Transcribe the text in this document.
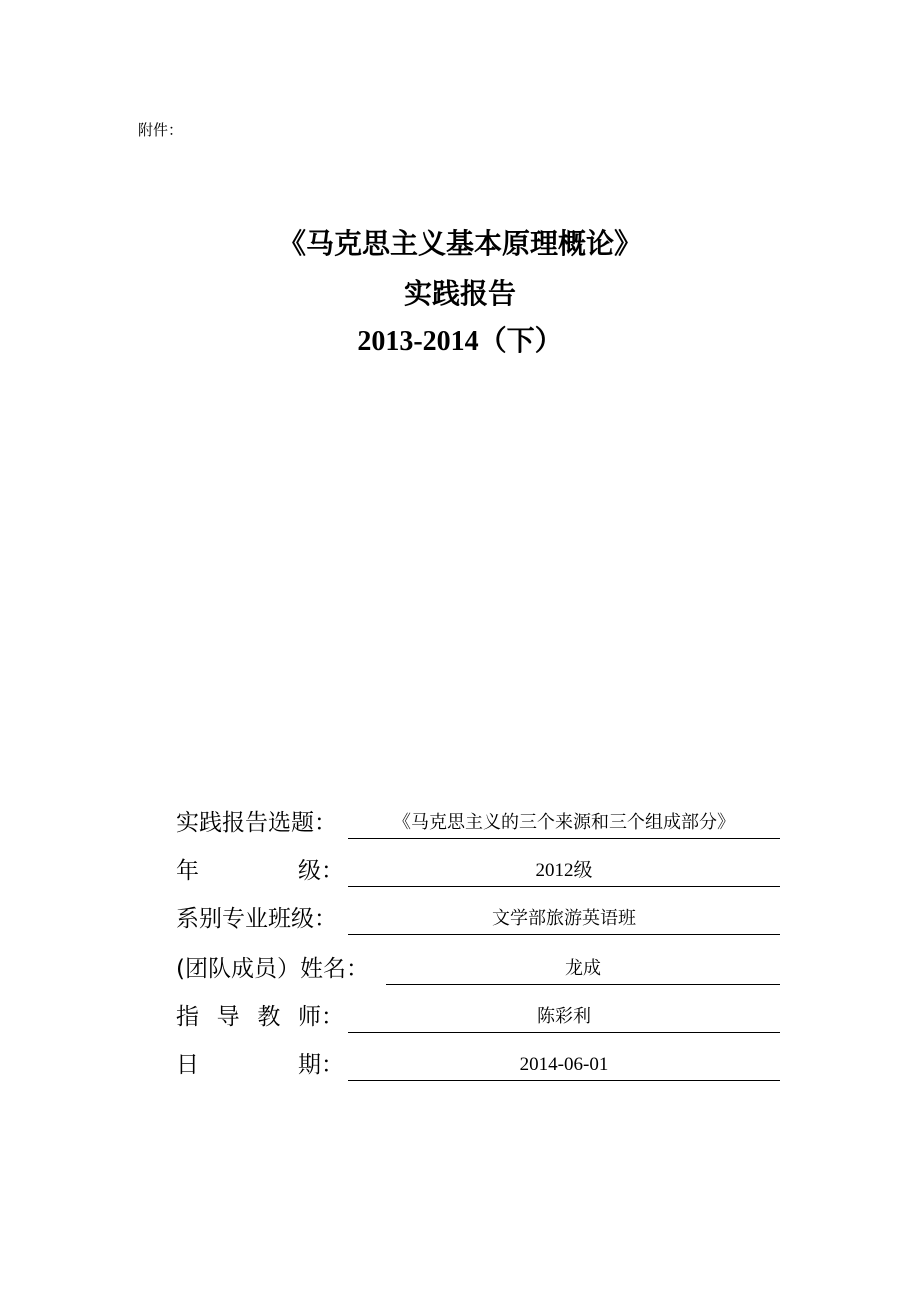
附件：
《马克思主义基本原理概论》
实践报告
2013-2014（下）
实践报告选题：	《马克思主义的三个来源和三个组成部分》
年	级：	2012级
系别专业班级：	文学部旅游英语班
(团队成员）姓名：	龙成
指 导 教 师：	陈彩利
日	期：	2014-06-01
